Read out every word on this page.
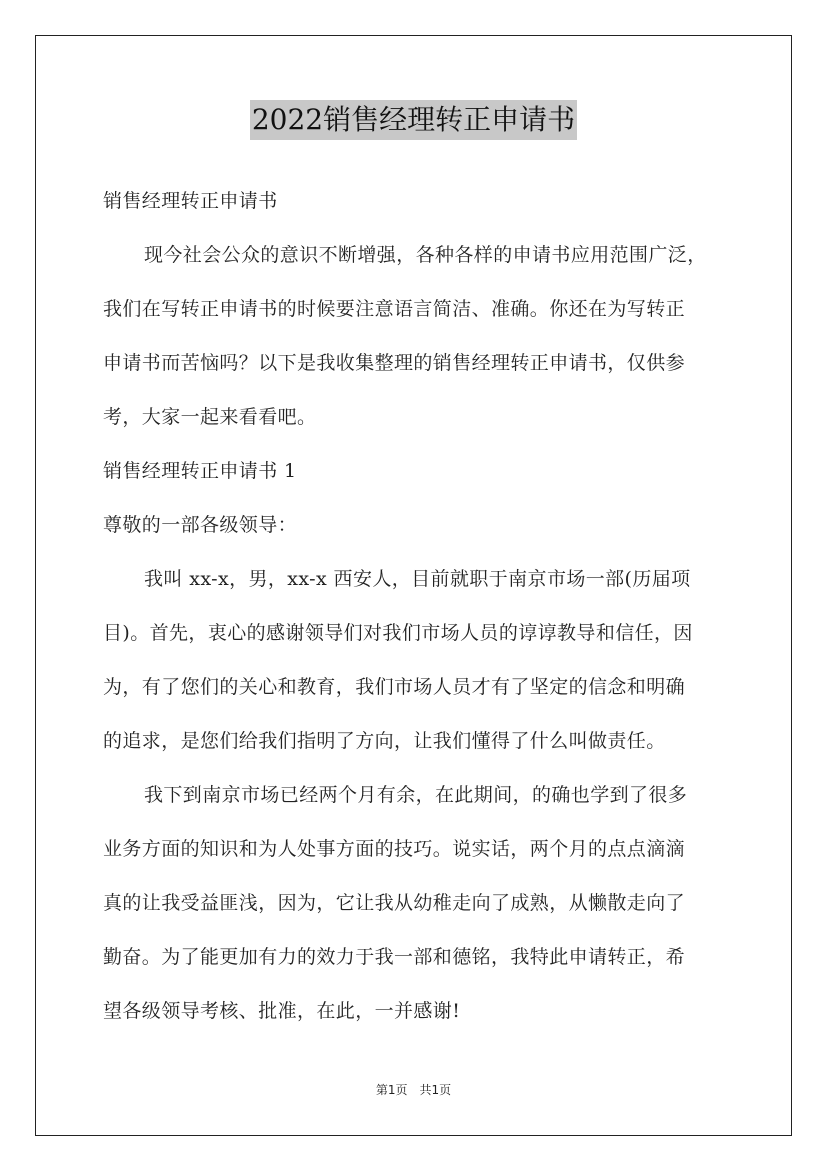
2022销售经理转正申请书
销售经理转正申请书
现今社会公众的意识不断增强，各种各样的申请书应用范围广泛，
我们在写转正申请书的时候要注意语言简洁、准确。你还在为写转正
申请书而苦恼吗？以下是我收集整理的销售经理转正申请书，仅供参
考，大家一起来看看吧。
销售经理转正申请书 1
尊敬的一部各级领导：
我叫 xx-x，男，xx-x 西安人，目前就职于南京市场一部(历届项
目)。首先，衷心的感谢领导们对我们市场人员的谆谆教导和信任，因
为，有了您们的关心和教育，我们市场人员才有了坚定的信念和明确
的追求，是您们给我们指明了方向，让我们懂得了什么叫做责任。
我下到南京市场已经两个月有余，在此期间，的确也学到了很多
业务方面的知识和为人处事方面的技巧。说实话，两个月的点点滴滴
真的让我受益匪浅，因为，它让我从幼稚走向了成熟，从懒散走向了
勤奋。为了能更加有力的效力于我一部和德铭，我特此申请转正，希
望各级领导考核、批准，在此，一并感谢!
第1页　共1页
